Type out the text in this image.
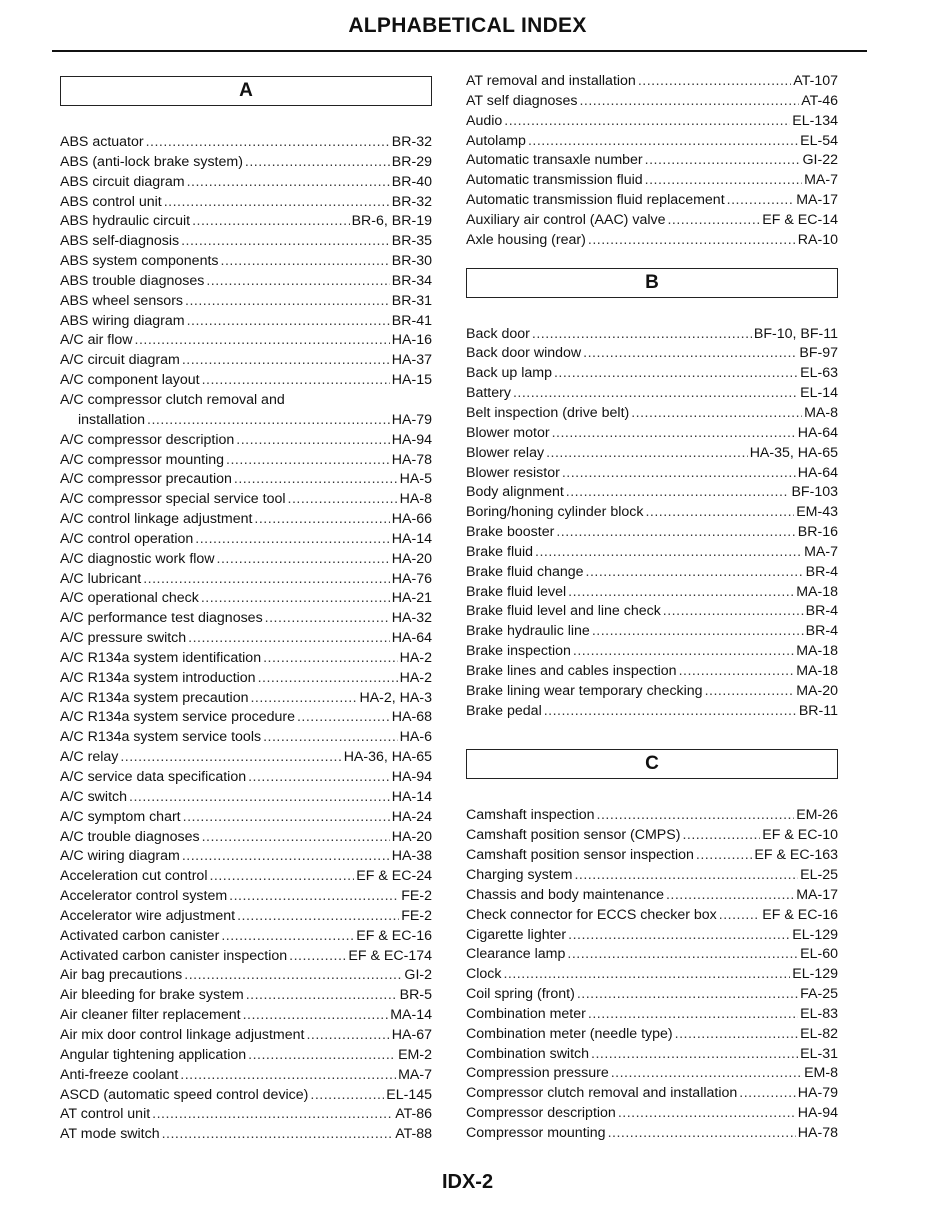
ALPHABETICAL INDEX
A
ABS actuator .....	BR-32
ABS (anti-lock brake system) .....	BR-29
ABS circuit diagram .....	BR-40
ABS control unit .....	BR-32
ABS hydraulic circuit .....	BR-6, BR-19
ABS self-diagnosis .....	BR-35
ABS system components .....	BR-30
ABS trouble diagnoses .....	BR-34
ABS wheel sensors .....	BR-31
ABS wiring diagram .....	BR-41
A/C air flow .....	HA-16
A/C circuit diagram .....	HA-37
A/C component layout .....	HA-15
A/C compressor clutch removal and
installation .....	HA-79
A/C compressor description .....	HA-94
A/C compressor mounting .....	HA-78
A/C compressor precaution .....	HA-5
A/C compressor special service tool .....	HA-8
A/C control linkage adjustment .....	HA-66
A/C control operation .....	HA-14
A/C diagnostic work flow .....	HA-20
A/C lubricant .....	HA-76
A/C operational check .....	HA-21
A/C performance test diagnoses .....	HA-32
A/C pressure switch .....	HA-64
A/C R134a system identification .....	HA-2
A/C R134a system introduction .....	HA-2
A/C R134a system precaution .....	HA-2, HA-3
A/C R134a system service procedure .....	HA-68
A/C R134a system service tools .....	HA-6
A/C relay .....	HA-36, HA-65
A/C service data specification .....	HA-94
A/C switch .....	HA-14
A/C symptom chart .....	HA-24
A/C trouble diagnoses .....	HA-20
A/C wiring diagram .....	HA-38
Acceleration cut control .....	EF & EC-24
Accelerator control system .....	FE-2
Accelerator wire adjustment .....	FE-2
Activated carbon canister .....	EF & EC-16
Activated carbon canister inspection .....	EF & EC-174
Air bag precautions .....	GI-2
Air bleeding for brake system .....	BR-5
Air cleaner filter replacement .....	MA-14
Air mix door control linkage adjustment .....	HA-67
Angular tightening application .....	EM-2
Anti-freeze coolant .....	MA-7
ASCD (automatic speed control device) .....	EL-145
AT control unit .....	AT-86
AT mode switch .....	AT-88
AT removal and installation .....	AT-107
AT self diagnoses .....	AT-46
Audio .....	EL-134
Autolamp .....	EL-54
Automatic transaxle number .....	GI-22
Automatic transmission fluid .....	MA-7
Automatic transmission fluid replacement .....	MA-17
Auxiliary air control (AAC) valve .....	EF & EC-14
Axle housing (rear) .....	RA-10
B
Back door .....	BF-10, BF-11
Back door window .....	BF-97
Back up lamp .....	EL-63
Battery .....	EL-14
Belt inspection (drive belt) .....	MA-8
Blower motor .....	HA-64
Blower relay .....	HA-35, HA-65
Blower resistor .....	HA-64
Body alignment .....	BF-103
Boring/honing cylinder block .....	EM-43
Brake booster .....	BR-16
Brake fluid .....	MA-7
Brake fluid change .....	BR-4
Brake fluid level .....	MA-18
Brake fluid level and line check .....	BR-4
Brake hydraulic line .....	BR-4
Brake inspection .....	MA-18
Brake lines and cables inspection .....	MA-18
Brake lining wear temporary checking .....	MA-20
Brake pedal .....	BR-11
C
Camshaft inspection .....	EM-26
Camshaft position sensor (CMPS) .....	EF & EC-10
Camshaft position sensor inspection .....	EF & EC-163
Charging system .....	EL-25
Chassis and body maintenance .....	MA-17
Check connector for ECCS checker box .....	EF & EC-16
Cigarette lighter .....	EL-129
Clearance lamp .....	EL-60
Clock .....	EL-129
Coil spring (front) .....	FA-25
Combination meter .....	EL-83
Combination meter (needle type) .....	EL-82
Combination switch .....	EL-31
Compression pressure .....	EM-8
Compressor clutch removal and installation .....	HA-79
Compressor description .....	HA-94
Compressor mounting .....	HA-78
IDX-2
